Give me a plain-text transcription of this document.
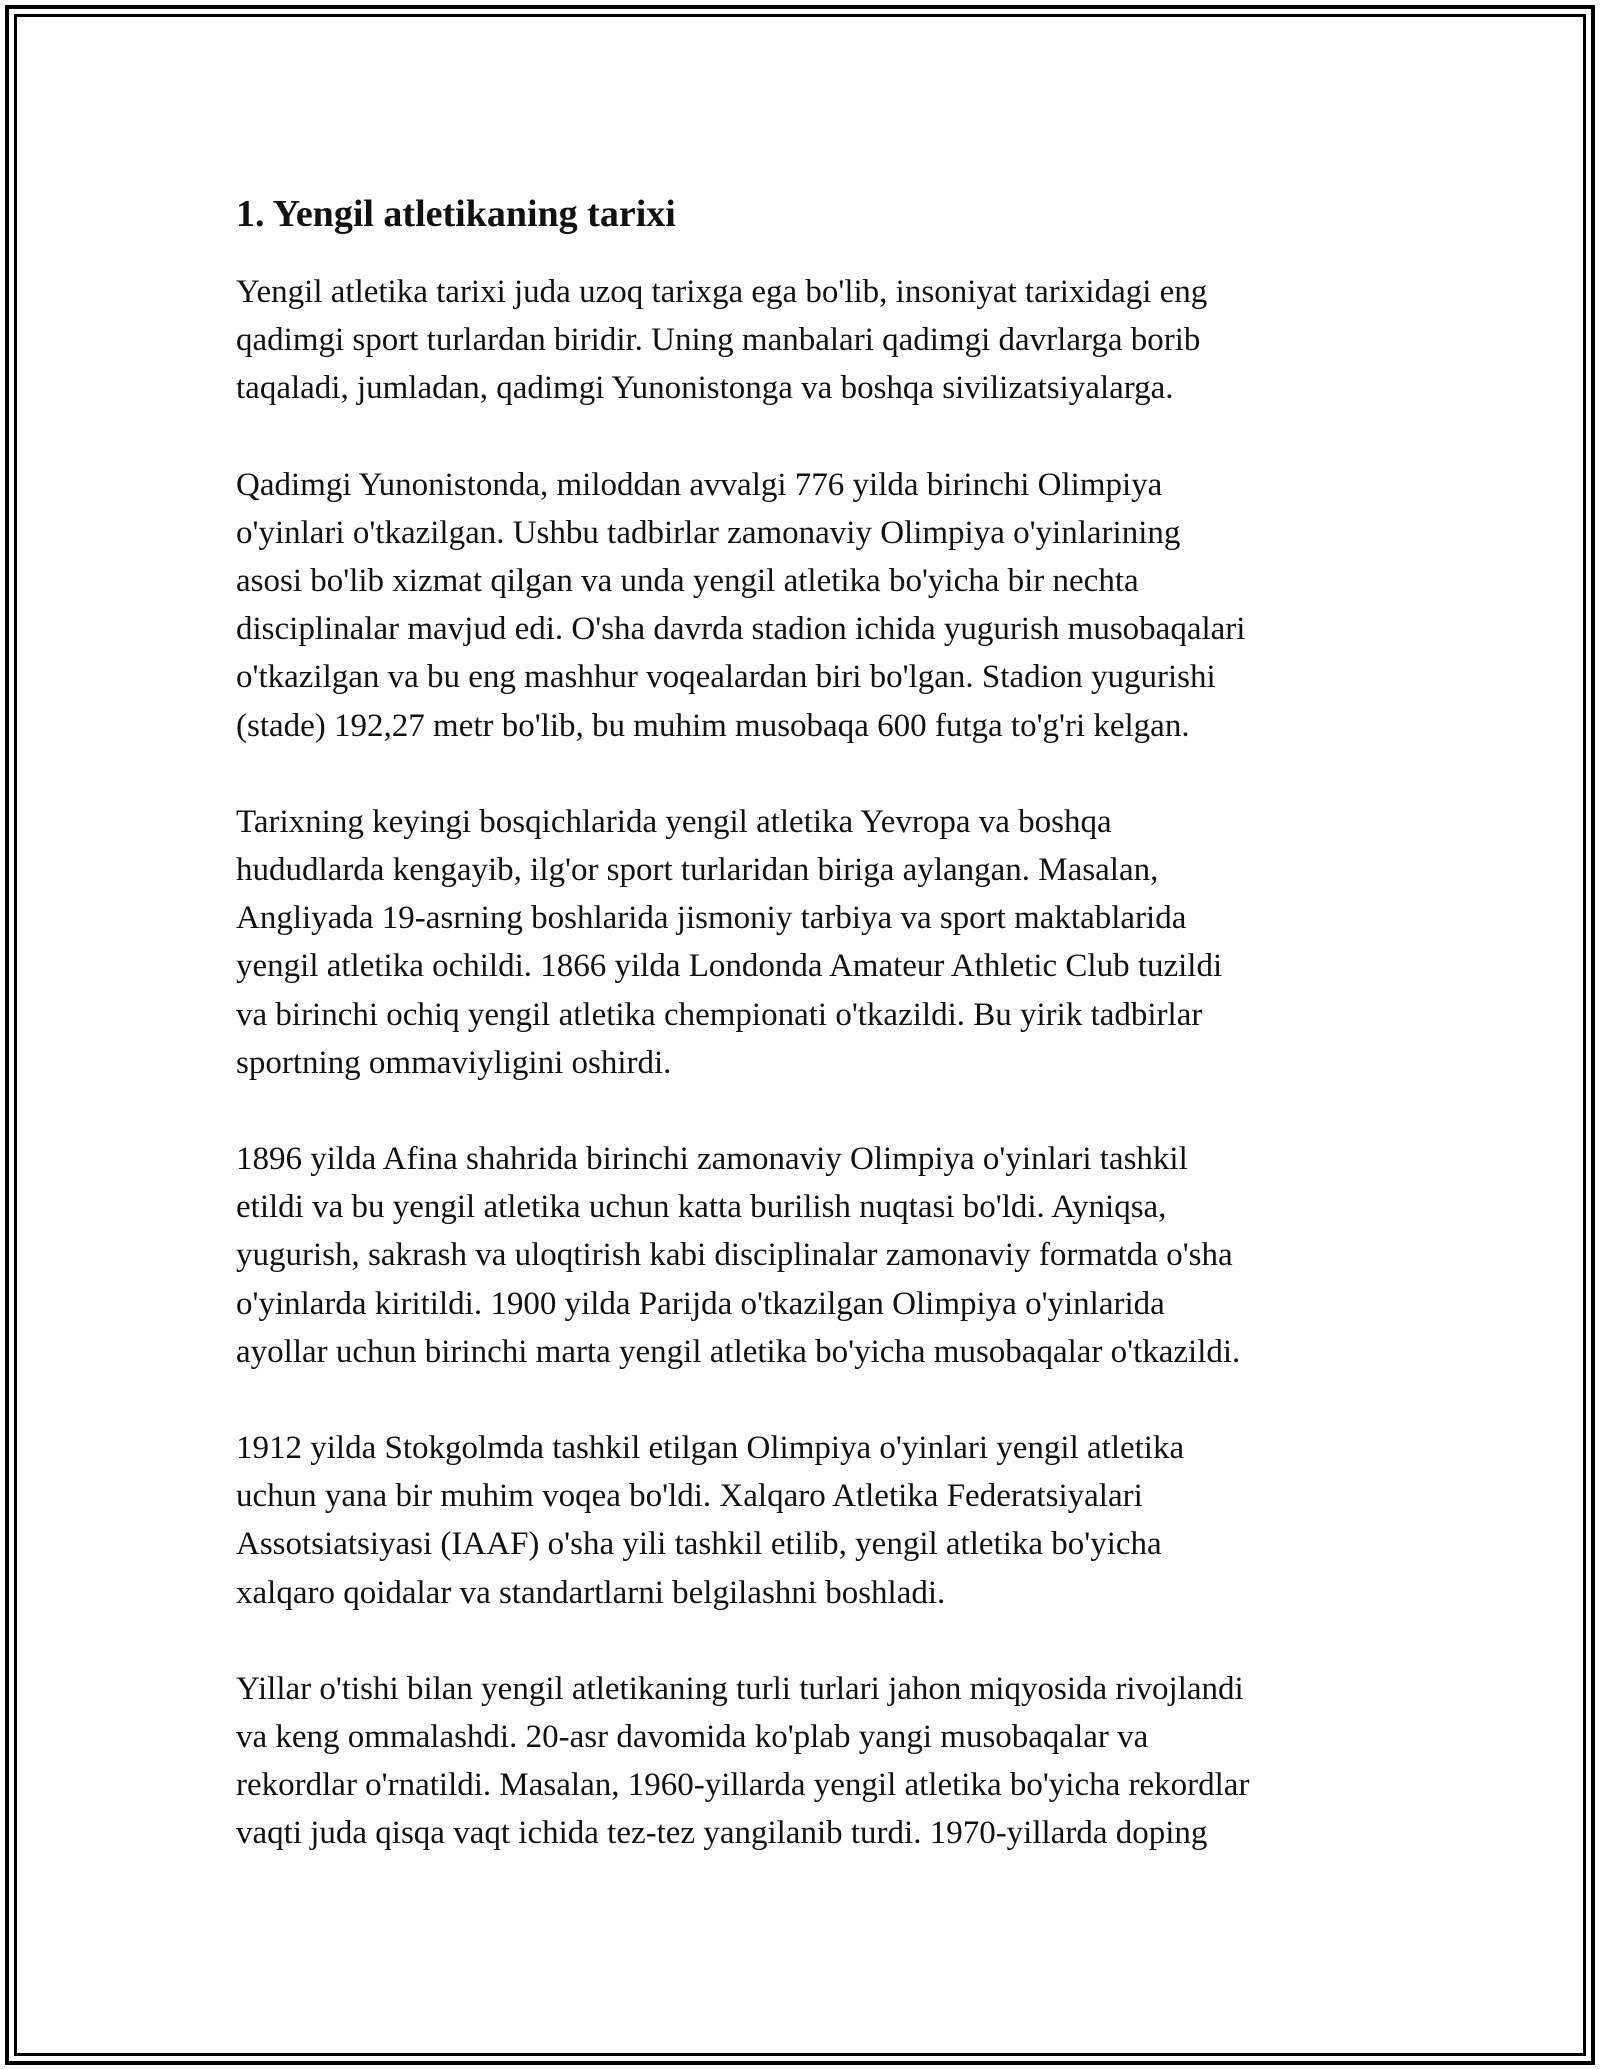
1. Yengil atletikaning tarixi

Yengil atletika tarixi juda uzoq tarixga ega bo'lib, insoniyat tarixidagi eng
qadimgi sport turlardan biridir. Uning manbalari qadimgi davrlarga borib
taqaladi, jumladan, qadimgi Yunonistonga va boshqa sivilizatsiyalarga.

Qadimgi Yunonistonda, miloddan avvalgi 776 yilda birinchi Olimpiya
o'yinlari o'tkazilgan. Ushbu tadbirlar zamonaviy Olimpiya o'yinlarining
asosi bo'lib xizmat qilgan va unda yengil atletika bo'yicha bir nechta
disciplinalar mavjud edi. O'sha davrda stadion ichida yugurish musobaqalari
o'tkazilgan va bu eng mashhur voqealardan biri bo'lgan. Stadion yugurishi
(stade) 192,27 metr bo'lib, bu muhim musobaqa 600 futga to'g'ri kelgan.

Tarixning keyingi bosqichlarida yengil atletika Yevropa va boshqa
hududlarda kengayib, ilg'or sport turlaridan biriga aylangan. Masalan,
Angliyada 19-asrning boshlarida jismoniy tarbiya va sport maktablarida
yengil atletika ochildi. 1866 yilda Londonda Amateur Athletic Club tuzildi
va birinchi ochiq yengil atletika chempionati o'tkazildi. Bu yirik tadbirlar
sportning ommaviyligini oshirdi.

1896 yilda Afina shahrida birinchi zamonaviy Olimpiya o'yinlari tashkil
etildi va bu yengil atletika uchun katta burilish nuqtasi bo'ldi. Ayniqsa,
yugurish, sakrash va uloqtirish kabi disciplinalar zamonaviy formatda o'sha
o'yinlarda kiritildi. 1900 yilda Parijda o'tkazilgan Olimpiya o'yinlarida
ayollar uchun birinchi marta yengil atletika bo'yicha musobaqalar o'tkazildi.

1912 yilda Stokgolmda tashkil etilgan Olimpiya o'yinlari yengil atletika
uchun yana bir muhim voqea bo'ldi. Xalqaro Atletika Federatsiyalari
Assotsiatsiyasi (IAAF) o'sha yili tashkil etilib, yengil atletika bo'yicha
xalqaro qoidalar va standartlarni belgilashni boshladi.

Yillar o'tishi bilan yengil atletikaning turli turlari jahon miqyosida rivojlandi
va keng ommalashdi. 20-asr davomida ko'plab yangi musobaqalar va
rekordlar o'rnatildi. Masalan, 1960-yillarda yengil atletika bo'yicha rekordlar
vaqti juda qisqa vaqt ichida tez-tez yangilanib turdi. 1970-yillarda doping
